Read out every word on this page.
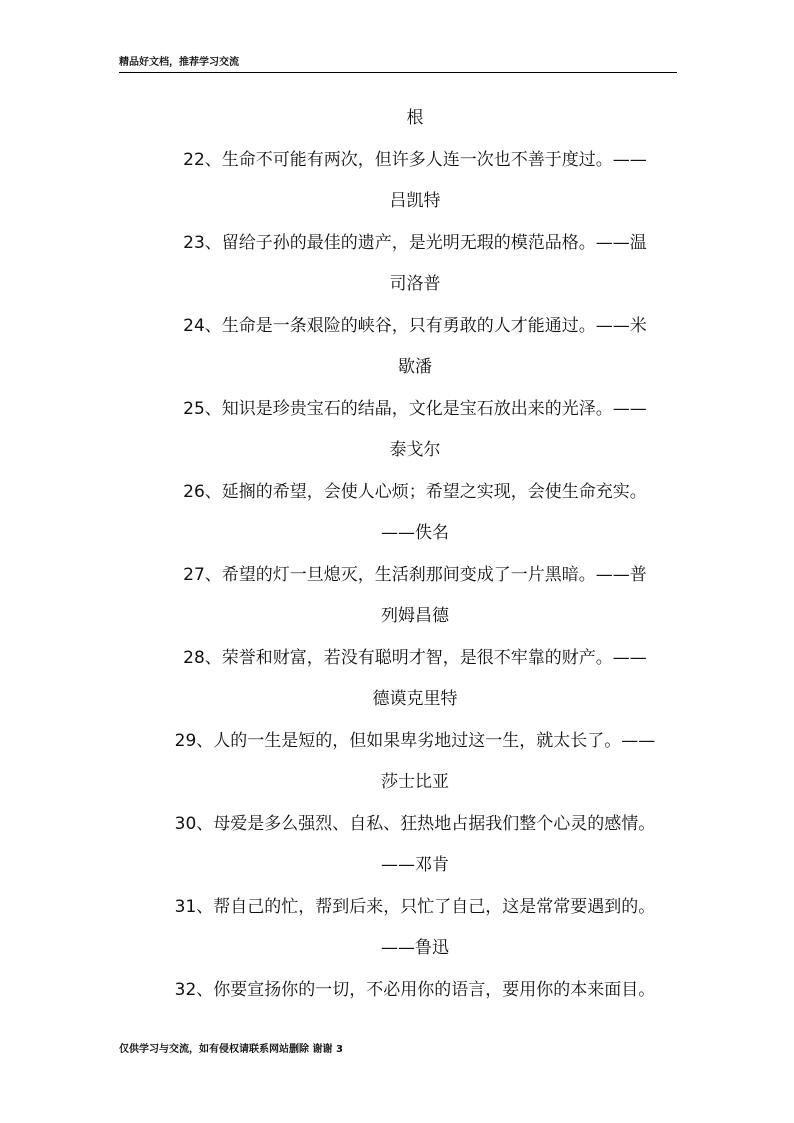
精品好文档，推荐学习交流
根
22、生命不可能有两次，但许多人连一次也不善于度过。——
吕凯特
23、留给子孙的最佳的遗产，是光明无瑕的模范品格。——温
司洛普
24、生命是一条艰险的峡谷，只有勇敢的人才能通过。——米
歇潘
25、知识是珍贵宝石的结晶，文化是宝石放出来的光泽。——
泰戈尔
26、延搁的希望，会使人心烦；希望之实现，会使生命充实。
——佚名
27、希望的灯一旦熄灭，生活刹那间变成了一片黑暗。——普
列姆昌德
28、荣誉和财富，若没有聪明才智，是很不牢靠的财产。——
德谟克里特
29、人的一生是短的，但如果卑劣地过这一生，就太长了。——
莎士比亚
30、母爱是多么强烈、自私、狂热地占据我们整个心灵的感情。
——邓肯
31、帮自己的忙，帮到后来，只忙了自己，这是常常要遇到的。
——鲁迅
32、你要宣扬你的一切，不必用你的语言，要用你的本来面目。
仅供学习与交流，如有侵权请联系网站删除 谢谢 3
